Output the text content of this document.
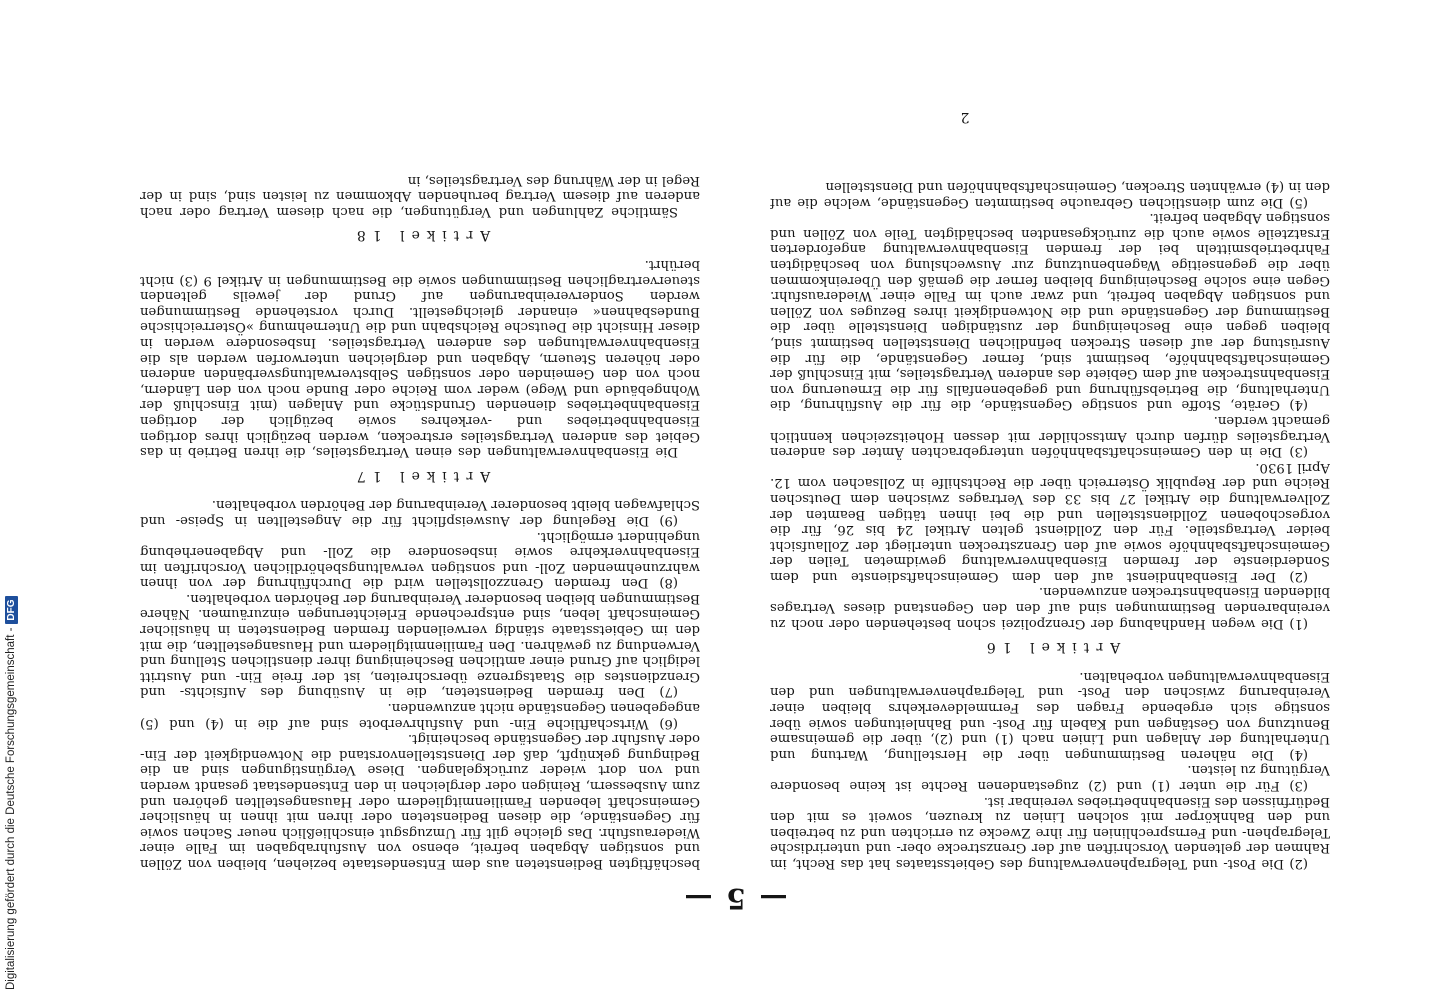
— 5 —

(2) Die Post- und Telegraphenverwaltung des Gebietsstaates hat das Recht, im Rahmen der geltenden Vorschriften auf der Grenzstrecke ober- und unterirdische Telegraphen- und Fernsprechlinien für ihre Zwecke zu errichten und zu betreiben und den Bahnkörper mit solchen Linien zu kreuzen, soweit es mit den Bedürfnissen des Eisenbahnbetriebes vereinbar ist.

(3) Für die unter (1) und (2) zugestandenen Rechte ist keine besondere Vergütung zu leisten.

(4) Die näheren Bestimmungen über die Herstellung, Wartung und Unterhaltung der Anlagen und Linien nach (1) und (2), über die gemeinsame Benutzung von Gestängen und Kabeln für Post- und Bahnleitungen sowie über sonstige sich ergebende Fragen des Fernmeldeverkehrs bleiben einer Vereinbarung zwischen den Post- und Telegraphenverwaltungen und den Eisenbahnverwaltungen vorbehalten.

Artikel 16

(1) Die wegen Handhabung der Grenzpolizei schon bestehenden oder noch zu vereinbarenden Bestimmungen sind auf den den Gegenstand dieses Vertrages bildenden Eisenbahnstrecken anzuwenden.

(2) Der Eisenbahndienst auf den dem Gemeinschaftsdienste und dem Sonderdienste der fremden Eisenbahnverwaltung gewidmeten Teilen der Gemeinschaftsbahnhöfe sowie auf den Grenzstrecken unterliegt der Zollaufsicht beider Vertragsteile. Für den Zolldienst gelten Artikel 24 bis 26, für die vorgeschobenen Zolldienststellen und die bei ihnen tätigen Beamten der Zollverwaltung die Artikel 27 bis 33 des Vertrages zwischen dem Deutschen Reiche und der Republik Österreich über die Rechtshilfe in Zollsachen vom 12. April 1930.

(3) Die in den Gemeinschaftsbahnhöfen untergebrachten Ämter des anderen Vertragsteiles dürfen durch Amtsschilder mit dessen Hoheitszeichen kenntlich gemacht werden.

(4) Geräte, Stoffe und sonstige Gegenstände, die für die Ausführung, die Unterhaltung, die Betriebsführung und gegebenenfalls für die Erneuerung von Eisenbahnstrecken auf dem Gebiete des anderen Vertragsteiles, mit Einschluß der Gemeinschaftsbahnhöfe, bestimmt sind, ferner Gegenstände, die für die Ausrüstung der auf diesen Strecken befindlichen Dienststellen bestimmt sind, bleiben gegen eine Bescheinigung der zuständigen Dienststelle über die Bestimmung der Gegenstände und die Notwendigkeit ihres Bezuges von Zöllen und sonstigen Abgaben befreit, und zwar auch im Falle einer Wiederausfuhr. Gegen eine solche Bescheinigung bleiben ferner die gemäß den Übereinkommen über die gegenseitige Wagenbenutzung zur Auswechslung von beschädigten Fahrbetriebsmitteln bei der fremden Eisenbahnverwaltung angeforderten Ersatzteile sowie auch die zurückgesandten beschädigten Teile von Zöllen und sonstigen Abgaben befreit.

(5) Die zum dienstlichen Gebrauche bestimmten Gegenstände, welche die auf den in (4) erwähnten Strecken, Gemeinschaftsbahnhöfen und Dienststellen

beschäftigten Bediensteten aus dem Entsendestaate beziehen, bleiben von Zöllen und sonstigen Abgaben befreit, ebenso von Ausfuhrabgaben im Falle einer Wiederausfuhr. Das gleiche gilt für Umzugsgut einschließlich neuer Sachen sowie für Gegenstände, die diesen Bediensteten oder ihren mit ihnen in häuslicher Gemeinschaft lebenden Familienmitgliedern oder Hausangestellten gehören und zum Ausbessern, Reinigen oder dergleichen in den Entsendestaat gesandt werden und von dort wieder zurückgelangen. Diese Vergünstigungen sind an die Bedingung geknüpft, daß der Dienststellenvorstand die Notwendigkeit der Ein- oder Ausfuhr der Gegenstände bescheinigt.

(6) Wirtschaftliche Ein- und Ausfuhrverbote sind auf die in (4) und (5) angegebenen Gegenstände nicht anzuwenden.

(7) Den fremden Bediensteten, die in Ausübung des Aufsichts- und Grenzdienstes die Staatsgrenze überschreiten, ist der freie Ein- und Austritt lediglich auf Grund einer amtlichen Bescheinigung ihrer dienstlichen Stellung und Verwendung zu gewähren. Den Familienmitgliedern und Hausangestellten, die mit den im Gebietsstaate ständig verweilenden fremden Bediensteten in häuslicher Gemeinschaft leben, sind entsprechende Erleichterungen einzuräumen. Nähere Bestimmungen bleiben besonderer Vereinbarung der Behörden vorbehalten.

(8) Den fremden Grenzzollstellen wird die Durchführung der von ihnen wahrzunehmenden Zoll- und sonstigen verwaltungsbehördlichen Vorschriften im Eisenbahnverkehre sowie insbesondere die Zoll- und Abgabenerhebung ungehindert ermöglicht.

(9) Die Regelung der Ausweispflicht für die Angestellten in Speise- und Schlafwagen bleibt besonderer Vereinbarung der Behörden vorbehalten.

Artikel 17

Die Eisenbahnverwaltungen des einen Vertragsteiles, die ihren Betrieb in das Gebiet des anderen Vertragsteiles erstrecken, werden bezüglich ihres dortigen Eisenbahnbetriebes und -verkehres sowie bezüglich der dortigen Eisenbahnbetriebes dienenden Grundstücke und Anlagen (mit Einschluß der Wohngebäude und Wege) weder vom Reiche oder Bunde noch von den Ländern, noch von den Gemeinden oder sonstigen Selbstverwaltungsverbänden anderen oder höheren Steuern, Abgaben und dergleichen unterworfen werden als die Eisenbahnverwaltungen des anderen Vertragsteiles. Insbesondere werden in dieser Hinsicht die Deutsche Reichsbahn und die Unternehmung »Österreichische Bundesbahnen« einander gleichgestellt. Durch vorstehende Bestimmungen werden Sondervereinbarungen auf Grund der jeweils geltenden steuervertraglichen Bestimmungen sowie die Bestimmungen in Artikel 9 (3) nicht berührt.

Artikel 18

Sämtliche Zahlungen und Vergütungen, die nach diesem Vertrag oder nach anderen auf diesem Vertrag beruhenden Abkommen zu leisten sind, sind in der Regel in der Währung des Vertragsteiles, in

2
Digitalisierung gefördert durch die Deutsche Forschungsgemeinschaft -
DFG
